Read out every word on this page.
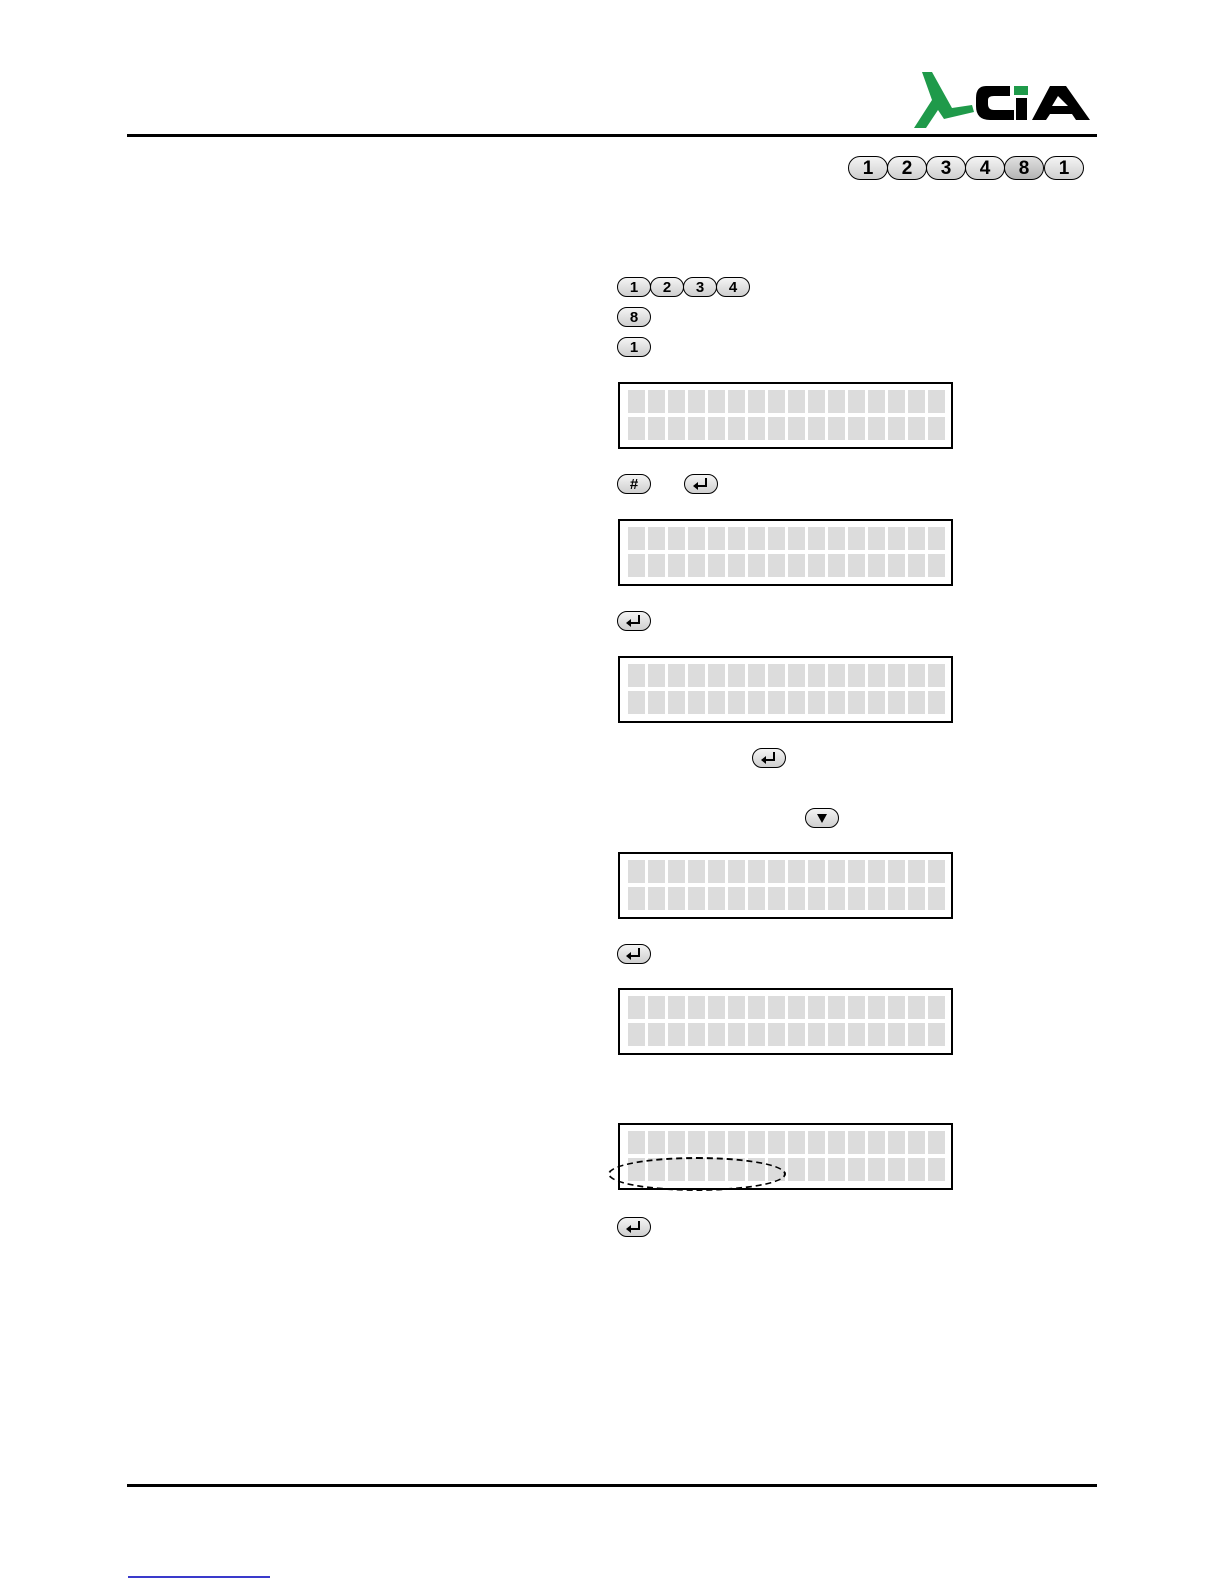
1	2	3	4	8	1
1	2	3	4
8
1
#
